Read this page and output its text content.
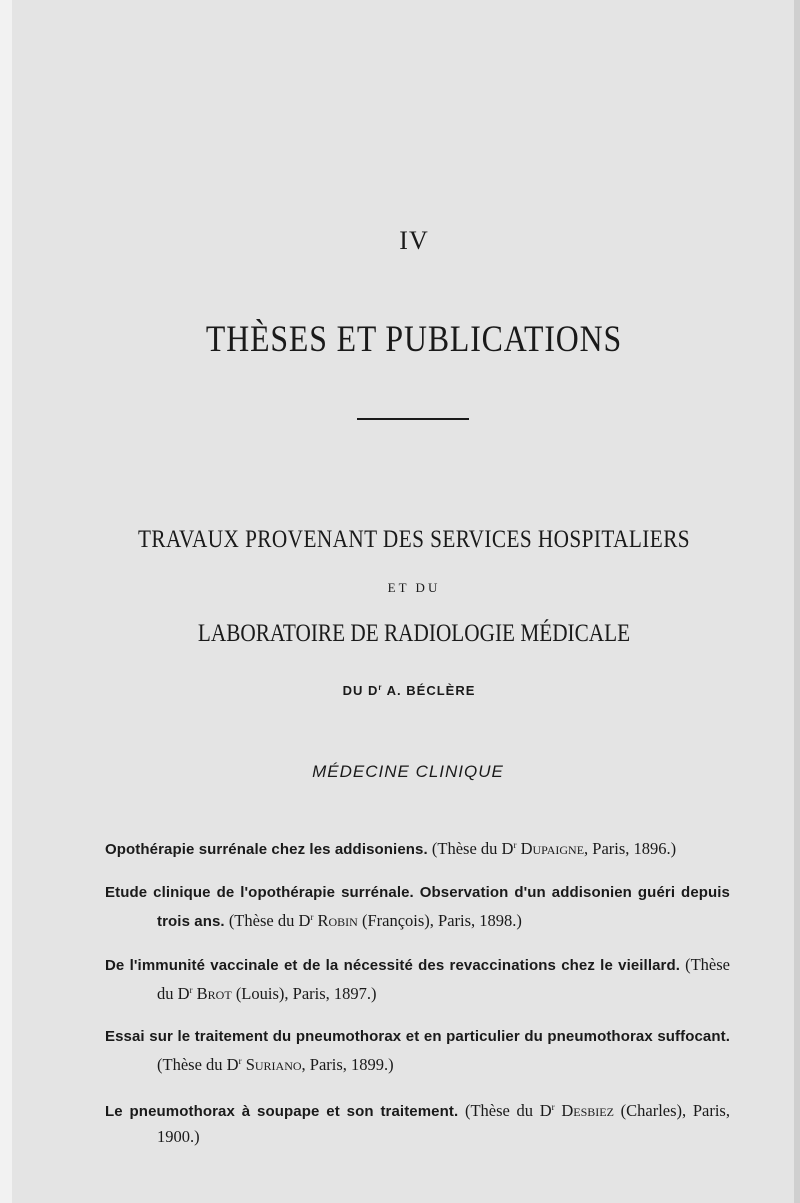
IV
THÈSES ET PUBLICATIONS
TRAVAUX PROVENANT DES SERVICES HOSPITALIERS
ET DU
LABORATOIRE DE RADIOLOGIE MÉDICALE
DU $D^r$ A. BÉCLÈRE
MÉDECINE CLINIQUE

Opothérapie surrénale chez les addisoniens. (Thèse du $D^r$ Dupaigne, Paris, 1896.)

Etude clinique de l'opothérapie surrénale. Observation d'un addisonien guéri depuis trois ans. (Thèse du $D^r$ Robin (François), Paris, 1898.)

De l'immunité vaccinale et de la nécessité des revaccinations chez le vieillard. (Thèse du $D^r$ Brot (Louis), Paris, 1897.)

Essai sur le traitement du pneumothorax et en particulier du pneumothorax suffocant. (Thèse du $D^r$ Suriano, Paris, 1899.)

Le pneumothorax à soupape et son traitement. (Thèse du $D^r$ Desbiez (Charles), Paris, 1900.)
